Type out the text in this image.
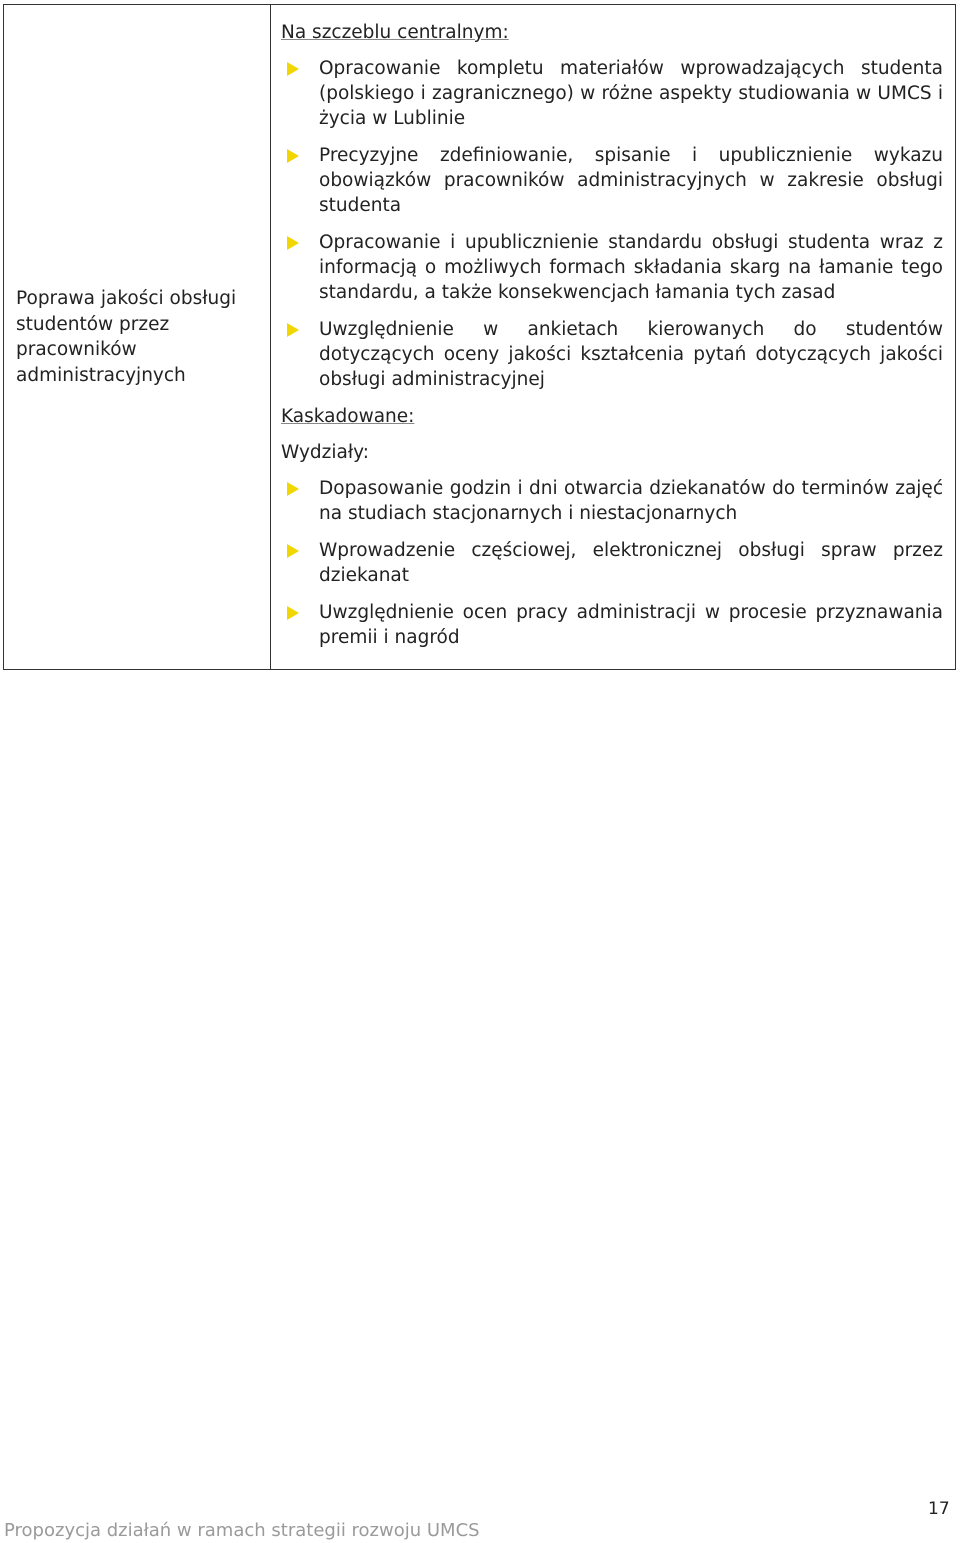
Poprawa jakości obsługi studentów przez pracowników administracyjnych
Na szczeblu centralnym:
Opracowanie kompletu materiałów wprowadzających studenta (polskiego i zagranicznego) w różne aspekty studiowania w UMCS i życia w Lublinie
Precyzyjne zdefiniowanie, spisanie i upublicznienie wykazu obowiązków pracowników administracyjnych w zakresie obsługi studenta
Opracowanie i upublicznienie standardu obsługi studenta wraz z informacją o możliwych formach składania skarg na łamanie tego standardu, a także konsekwencjach łamania tych zasad
Uwzględnienie w ankietach kierowanych do studentów dotyczących oceny jakości kształcenia pytań dotyczących jakości obsługi administracyjnej
Kaskadowane:
Wydziały:
Dopasowanie godzin i dni otwarcia dziekanatów do terminów zajęć na studiach stacjonarnych i niestacjonarnych
Wprowadzenie częściowej, elektronicznej obsługi spraw przez dziekanat
Uwzględnienie ocen pracy administracji w procesie przyznawania premii i nagród
17
Propozycja działań w ramach strategii rozwoju UMCS
